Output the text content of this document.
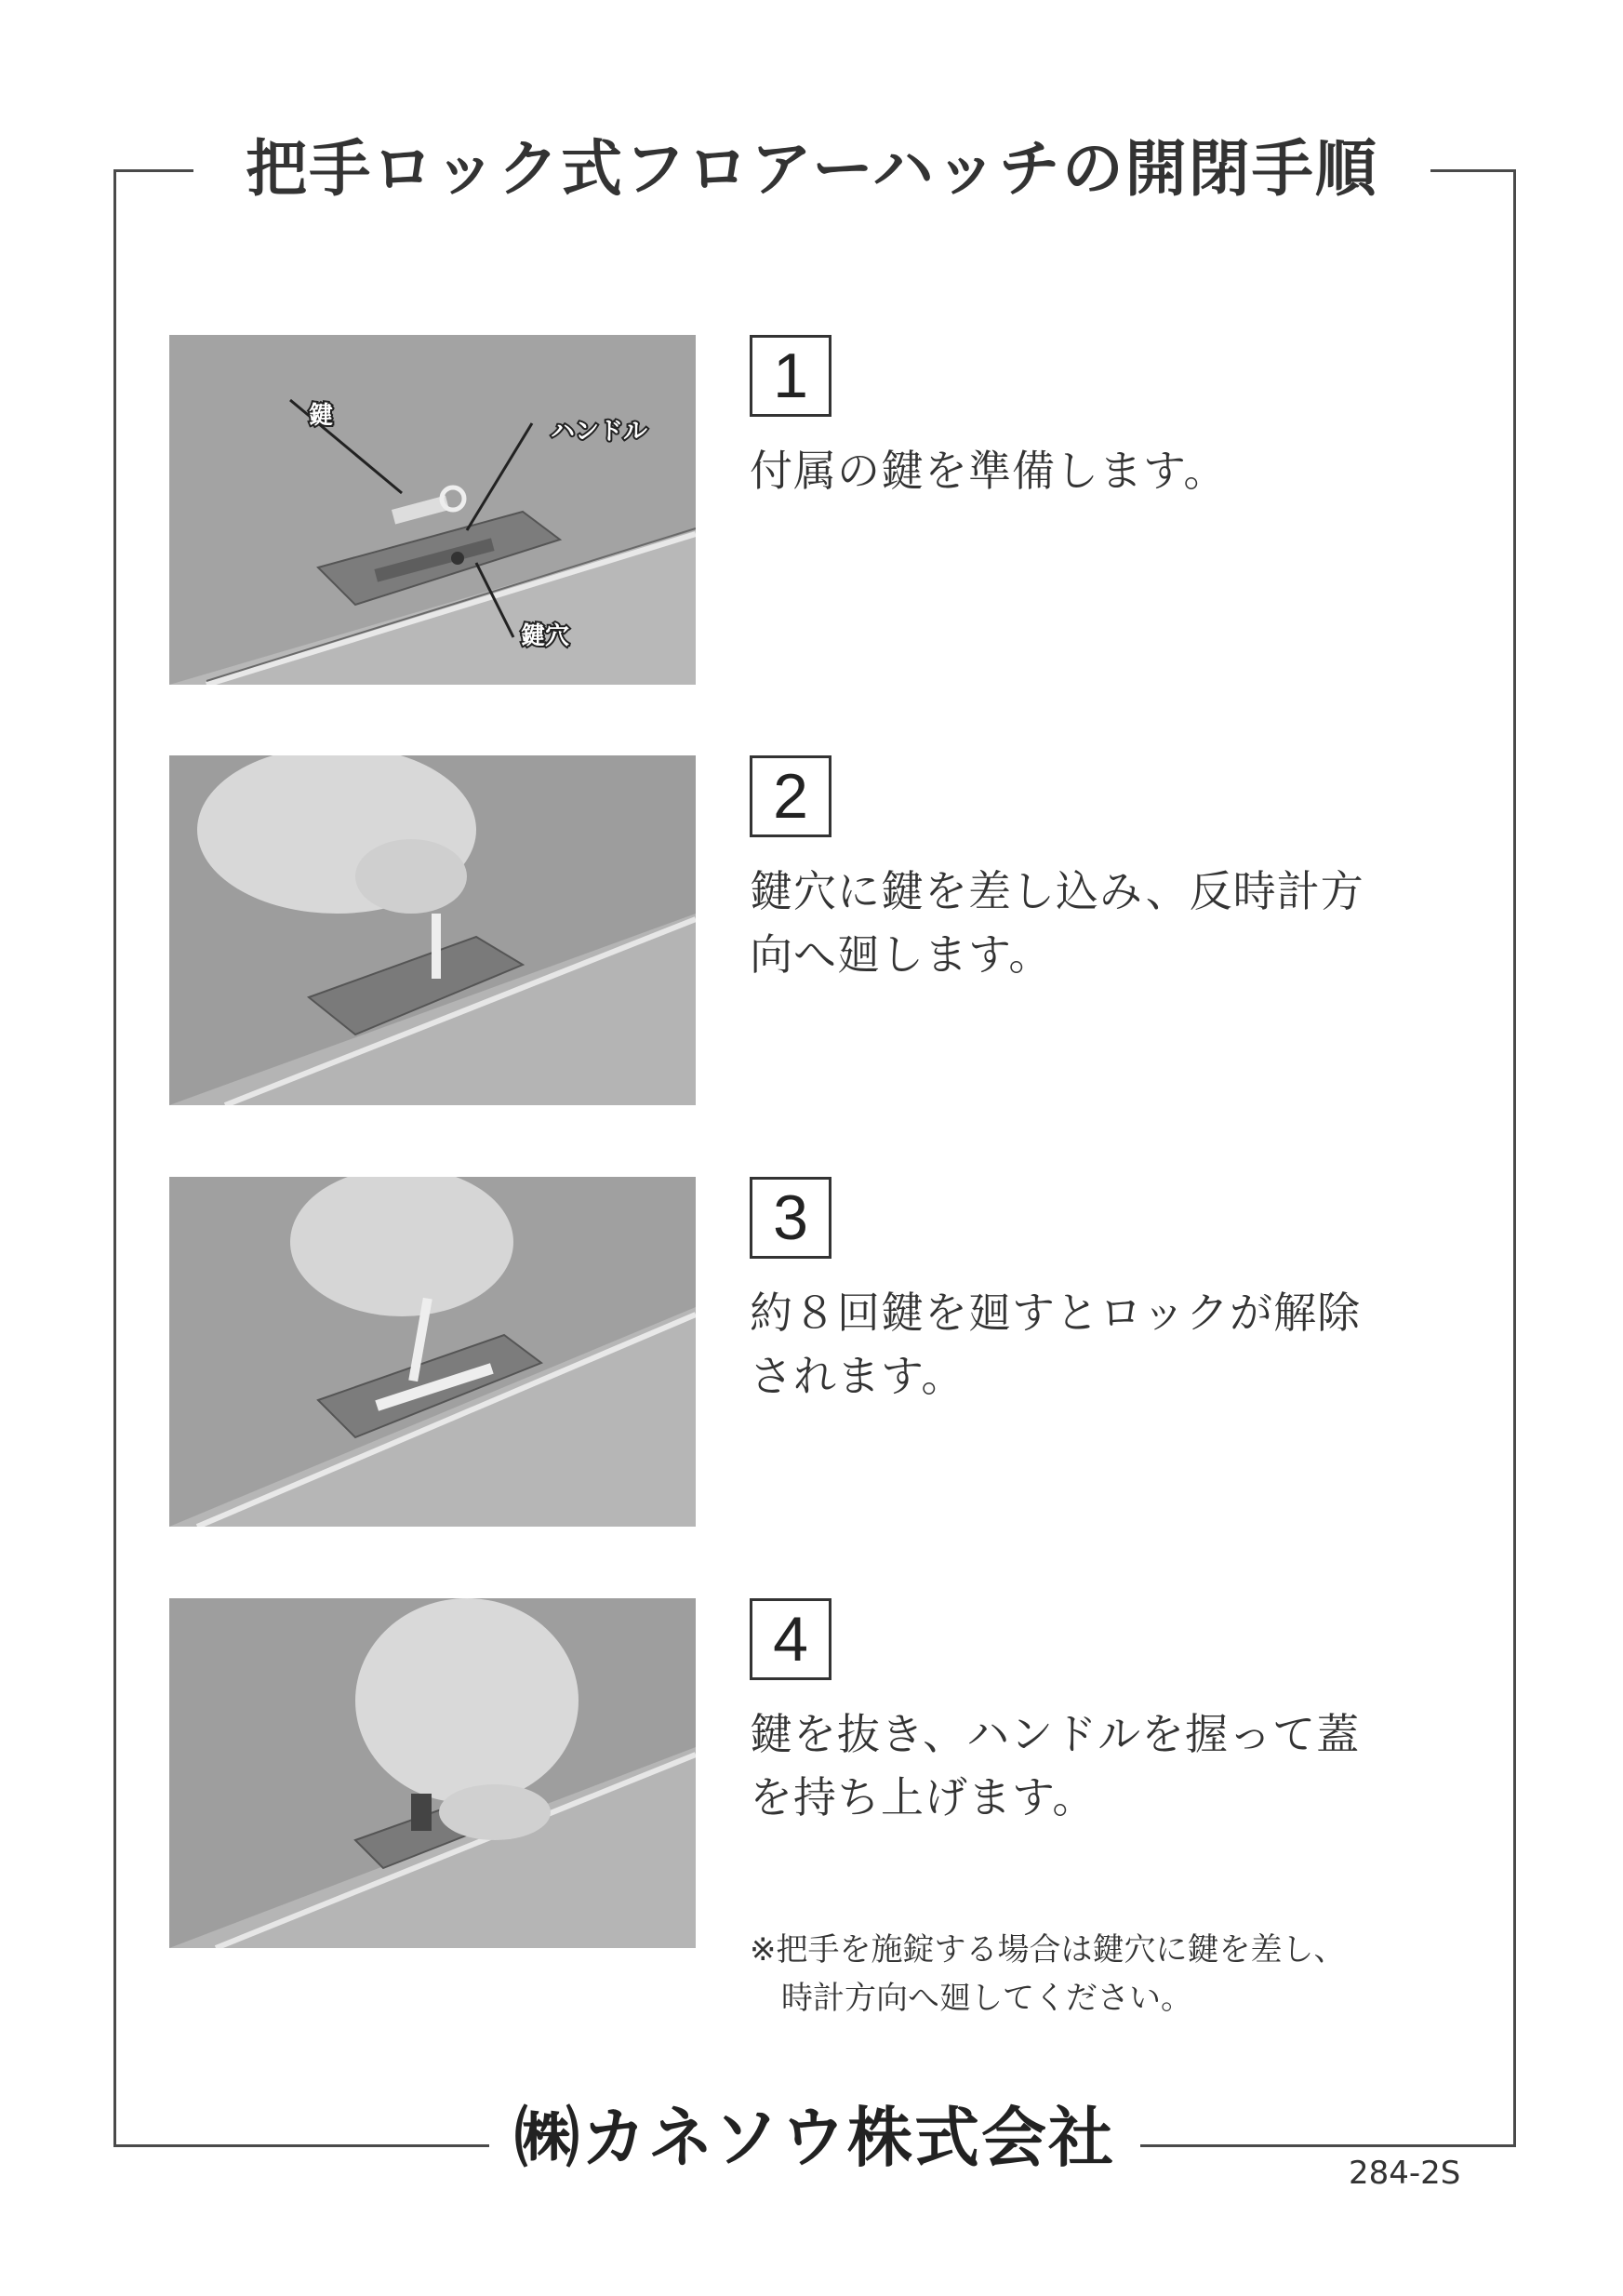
把手ロック式フロアーハッチの開閉手順
鍵
ハンドル
鍵穴
1
付属の鍵を準備します。
2
鍵穴に鍵を差し込み、反時計方
向へ廻します。
3
約８回鍵を廻すとロックが解除
されます。
4
鍵を抜き、ハンドルを握って蓋
を持ち上げます。
※把手を施錠する場合は鍵穴に鍵を差し、
　時計方向へ廻してください。
㈱カネソウ株式会社	284-2S
